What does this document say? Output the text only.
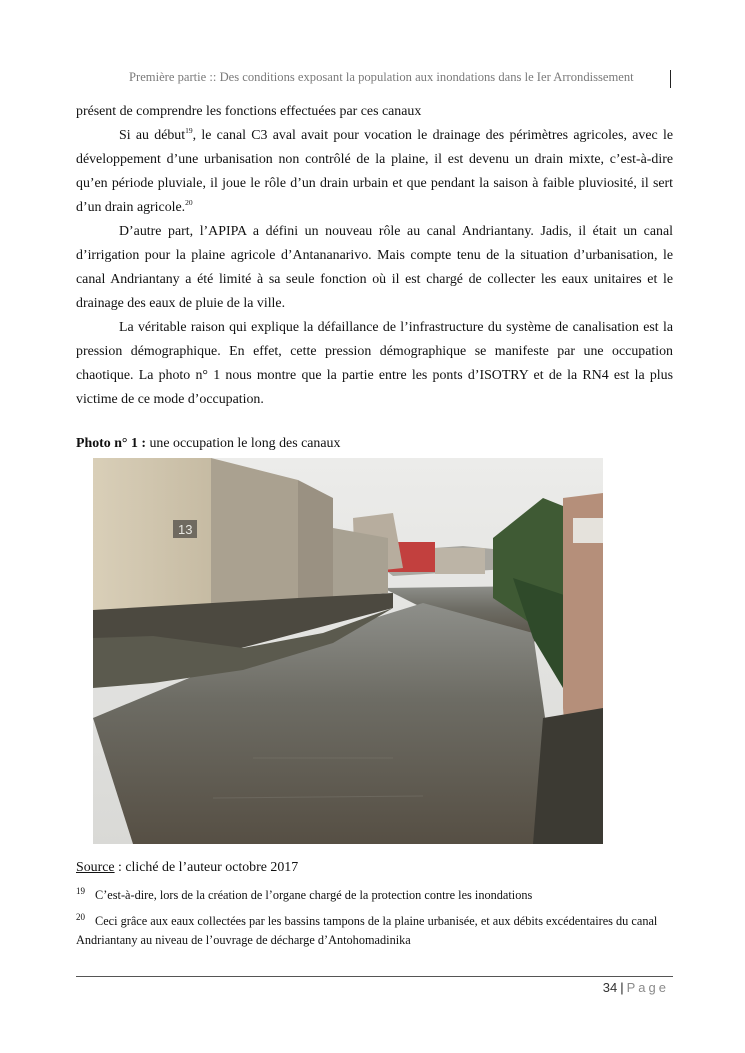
Première partie :: Des conditions exposant la population aux inondations dans le Ier Arrondissement

présent de comprendre les fonctions effectuées par ces canaux

Si au début$^{19}$, le canal C3 aval avait pour vocation le drainage des périmètres agricoles, avec le développement d’une urbanisation non contrôlé de la plaine, il est devenu un drain mixte, c’est-à-dire qu’en période pluviale, il joue le rôle d’un drain urbain et que pendant la saison à faible pluviosité, il sert d’un drain agricole.$^{20}$

D’autre part, l’APIPA a défini un nouveau rôle au canal Andriantany. Jadis, il était un canal d’irrigation pour la plaine agricole d’Antananarivo. Mais compte tenu de la situation d’urbanisation, le canal Andriantany a été limité à sa seule fonction où il est chargé de collecter les eaux unitaires et le drainage des eaux de pluie de la ville.

La véritable raison qui explique la défaillance de l’infrastructure du système de canalisation est la pression démographique. En effet, cette pression démographique se manifeste par une occupation chaotique. La photo n° 1 nous montre que la partie entre les ponts d’ISOTRY et de la RN4 est la plus victime de ce mode d’occupation.

Photo n° 1 : une occupation le long des canaux
13
Source : cliché de l’auteur octobre 2017
$^{19}$ C’est-à-dire, lors de la création de l’organe chargé de la protection contre les inondations
$^{20}$ Ceci grâce aux eaux collectées par les bassins tampons de la plaine urbanisée, et aux débits excédentaires du canal Andriantany au niveau de l’ouvrage de décharge d’Antohomadinika
34 | Page
